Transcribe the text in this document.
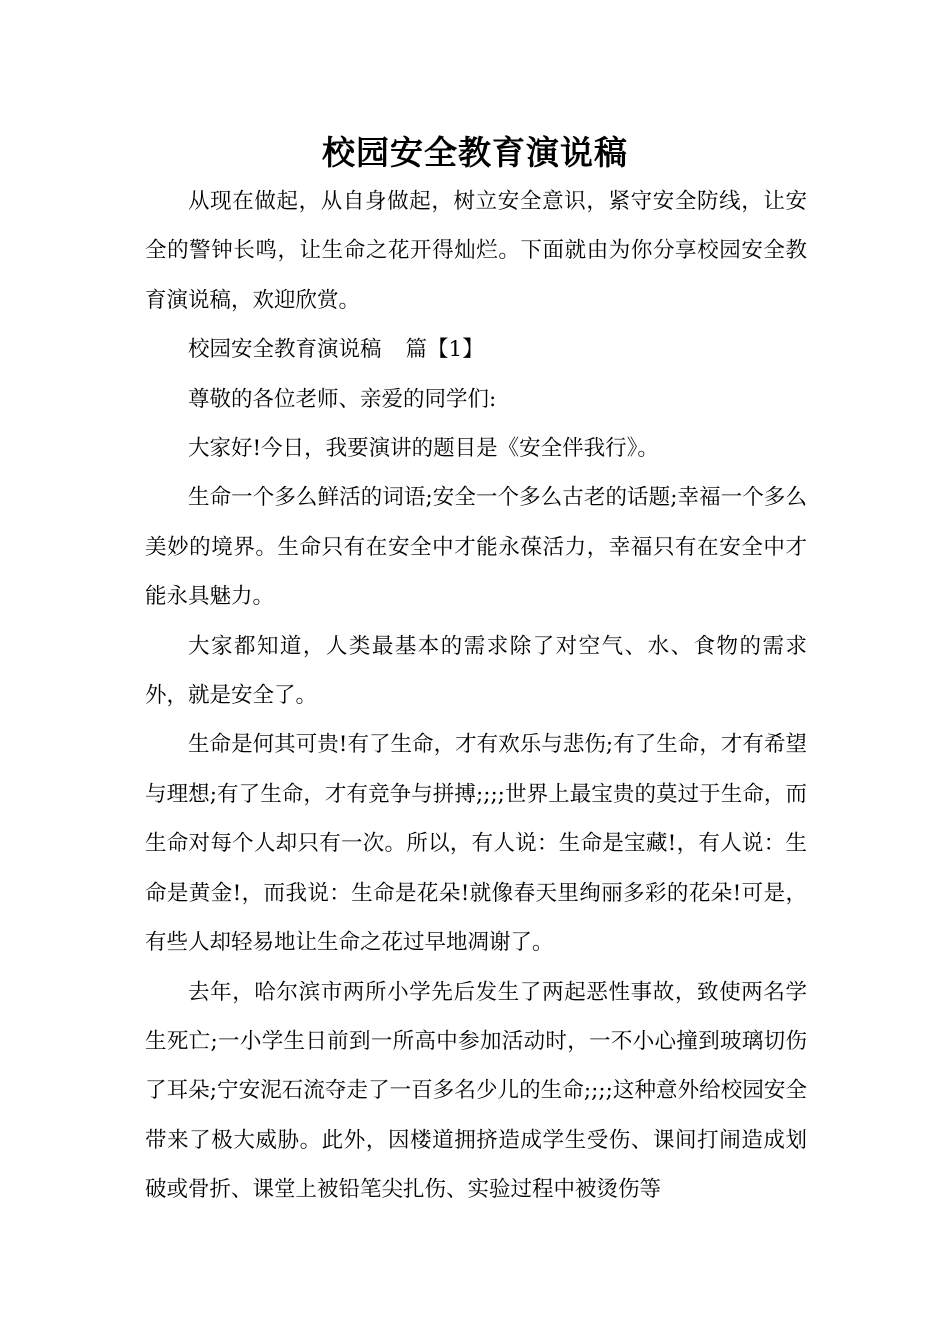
校园安全教育演说稿

从现在做起，从自身做起，树立安全意识，紧守安全防线，让安全的警钟长鸣，让生命之花开得灿烂。下面就由为你分享校园安全教育演说稿，欢迎欣赏。

校园安全教育演说稿 篇【1】

尊敬的各位老师、亲爱的同学们:

大家好!今日，我要演讲的题目是《安全伴我行》。

生命一个多么鲜活的词语;安全一个多么古老的话题;幸福一个多么美妙的境界。生命只有在安全中才能永葆活力，幸福只有在安全中才能永具魅力。

大家都知道，人类最基本的需求除了对空气、水、食物的需求外，就是安全了。

生命是何其可贵!有了生命，才有欢乐与悲伤;有了生命，才有希望与理想;有了生命，才有竞争与拼搏;;;;世界上最宝贵的莫过于生命，而生命对每个人却只有一次。所以，有人说：生命是宝藏!，有人说：生命是黄金!，而我说：生命是花朵!就像春天里绚丽多彩的花朵!可是，有些人却轻易地让生命之花过早地凋谢了。

去年，哈尔滨市两所小学先后发生了两起恶性事故，致使两名学生死亡;一小学生日前到一所高中参加活动时，一不小心撞到玻璃切伤了耳朵;宁安泥石流夺走了一百多名少儿的生命;;;;这种意外给校园安全带来了极大威胁。此外，因楼道拥挤造成学生受伤、课间打闹造成划破或骨折、课堂上被铅笔尖扎伤、实验过程中被烫伤等
